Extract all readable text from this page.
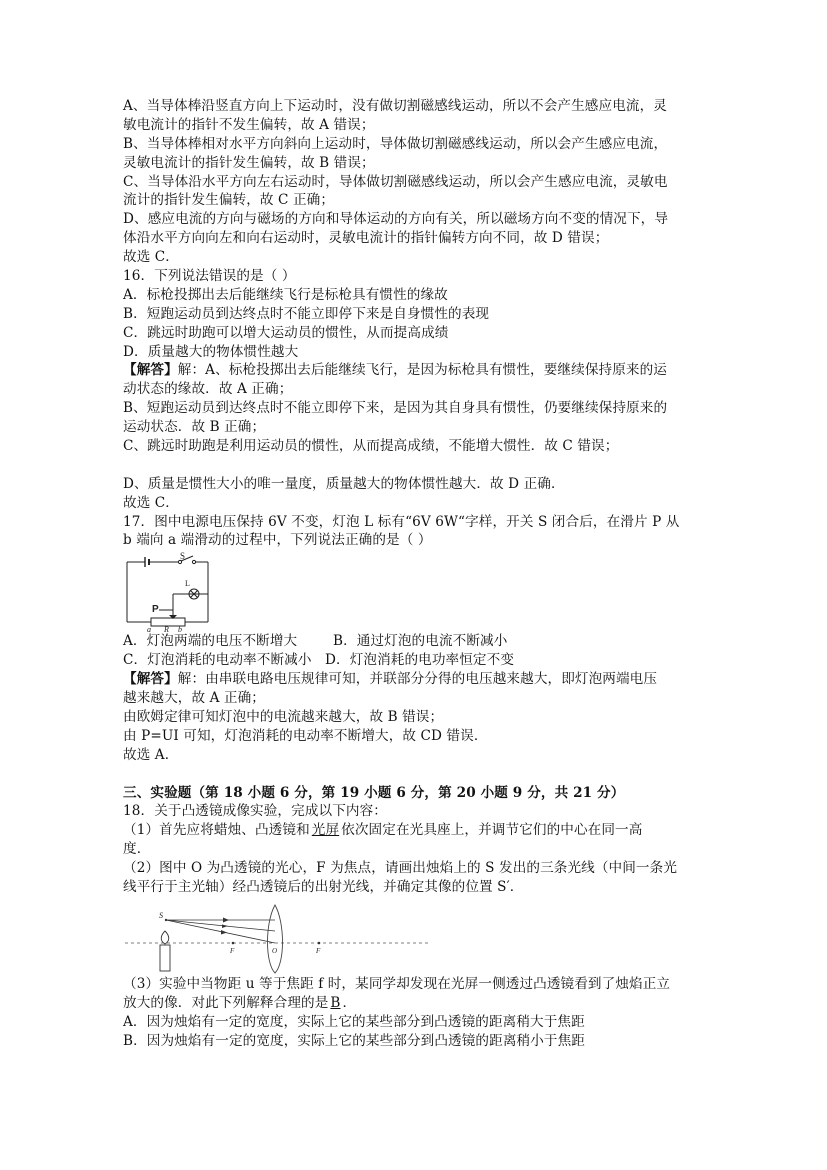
A、当导体棒沿竖直方向上下运动时，没有做切割磁感线运动，所以不会产生感应电流，灵
敏电流计的指针不发生偏转，故 A 错误；
B、当导体棒相对水平方向斜向上运动时，导体做切割磁感线运动，所以会产生感应电流，
灵敏电流计的指针发生偏转，故 B 错误；
C、当导体沿水平方向左右运动时，导体做切割磁感线运动，所以会产生感应电流，灵敏电
流计的指针发生偏转，故 C 正确；
D、感应电流的方向与磁场的方向和导体运动的方向有关，所以磁场方向不变的情况下，导
体沿水平方向向左和向右运动时，灵敏电流计的指针偏转方向不同，故 D 错误；
故选 C．
16．下列说法错误的是（ ）
A．标枪投掷出去后能继续飞行是标枪具有惯性的缘故
B．短跑运动员到达终点时不能立即停下来是自身惯性的表现
C．跳远时助跑可以增大运动员的惯性，从而提高成绩
D．质量越大的物体惯性越大
【解答】解：A、标枪投掷出去后能继续飞行，是因为标枪具有惯性，要继续保持原来的运
动状态的缘故．故 A 正确；
B、短跑运动员到达终点时不能立即停下来，是因为其自身具有惯性，仍要继续保持原来的
运动状态．故 B 正确；
C、跳远时助跑是利用运动员的惯性，从而提高成绩，不能增大惯性．故 C 错误；
D、质量是惯性大小的唯一量度，质量越大的物体惯性越大．故 D 正确．
故选 C．
17．图中电源电压保持 6V 不变，灯泡 L 标有“6V 6W“字样，开关 S 闭合后，在滑片 P 从
b 端向 a 端滑动的过程中，下列说法正确的是（ ）
S
P
L
a R b
A．灯泡两端的电压不断增大	B．通过灯泡的电流不断减小
C．灯泡消耗的电动率不断减小 D．灯泡消耗的电功率恒定不变
【解答】解：由串联电路电压规律可知，并联部分分得的电压越来越大，即灯泡两端电压
越来越大，故 A 正确；
由欧姆定律可知灯泡中的电流越来越大，故 B 错误；
由 P=UI 可知，灯泡消耗的电动率不断增大，故 CD 错误．
故选 A．
三、实验题（第 18 小题 6 分，第 19 小题 6 分，第 20 小题 9 分，共 21 分）
18．关于凸透镜成像实验，完成以下内容：
（1）首先应将蜡烛、凸透镜和 光屏 依次固定在光具座上，并调节它们的中心在同一高
度．
（2）图中 O 为凸透镜的光心，F 为焦点，请画出烛焰上的 S 发出的三条光线（中间一条光
线平行于主光轴）经凸透镜后的出射光线，并确定其像的位置 S′．
S
F	O	F
（3）实验中当物距 u 等于焦距 f 时，某同学却发现在光屏一侧透过凸透镜看到了烛焰正立
放大的像．对此下列解释合理的是 B ．
A．因为烛焰有一定的宽度，实际上它的某些部分到凸透镜的距离稍大于焦距
B．因为烛焰有一定的宽度，实际上它的某些部分到凸透镜的距离稍小于焦距
